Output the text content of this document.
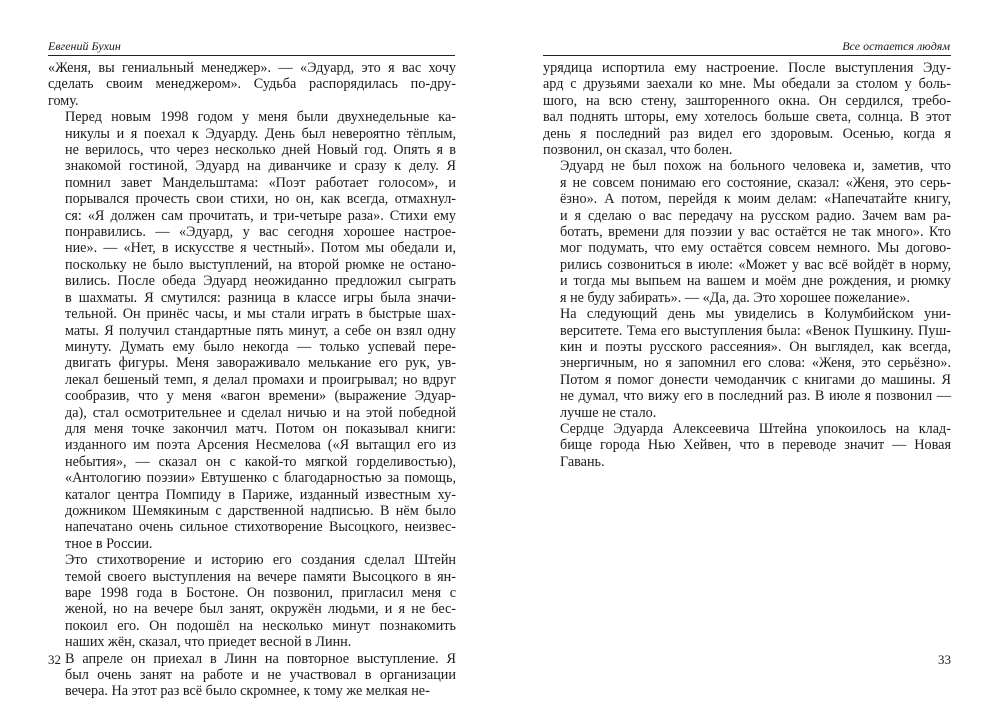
Евгений Бухин

«Женя, вы гениальный менеджер». — «Эдуард, это я вас хочу
сделать своим менеджером». Судьба распорядилась по-дру-
гому.

Перед новым 1998 годом у меня были двухнедельные ка-
никулы и я поехал к Эдуарду. День был невероятно тёплым,
не верилось, что через несколько дней Новый год. Опять я в
знакомой гостиной, Эдуард на диванчике и сразу к делу. Я
помнил завет Мандельштама: «Поэт работает голосом», и
порывался прочесть свои стихи, но он, как всегда, отмахнул-
ся: «Я должен сам прочитать, и три-четыре раза». Стихи ему
понравились. — «Эдуард, у вас сегодня хорошее настрое-
ние». — «Нет, в искусстве я честный». Потом мы обедали и,
поскольку не было выступлений, на второй рюмке не остано-
вились. После обеда Эдуард неожиданно предложил сыграть
в шахматы. Я смутился: разница в классе игры была значи-
тельной. Он принёс часы, и мы стали играть в быстрые шах-
маты. Я получил стандартные пять минут, а себе он взял одну
минуту. Думать ему было некогда — только успевай пере-
двигать фигуры. Меня завораживало мелькание его рук, ув-
лекал бешеный темп, я делал промахи и проигрывал; но вдруг
сообразив, что у меня «вагон времени» (выражение Эдуар-
да), стал осмотрительнее и сделал ничью и на этой победной
для меня точке закончил матч. Потом он показывал книги:
изданного им поэта Арсения Несмелова («Я вытащил его из
небытия», — сказал он с какой-то мягкой горделивостью),
«Антологию поэзии» Евтушенко с благодарностью за помощь,
каталог центра Помпиду в Париже, изданный известным ху-
дожником Шемякиным с дарственной надписью. В нём было
напечатано очень сильное стихотворение Высоцкого, неизвес-
тное в России.

Это стихотворение и историю его создания сделал Штейн
темой своего выступления на вечере памяти Высоцкого в ян-
варе 1998 года в Бостоне. Он позвонил, пригласил меня с
женой, но на вечере был занят, окружён людьми, и я не бес-
покоил его. Он подошёл на несколько минут познакомить
наших жён, сказал, что приедет весной в Линн.

В апреле он приехал в Линн на повторное выступление. Я
был очень занят на работе и не участвовал в организации
вечера. На этот раз всё было скромнее, к тому же мелкая не-

32
Все остается людям

урядица испортила ему настроение. После выступления Эду-
ард с друзьями заехали ко мне. Мы обедали за столом у боль-
шого, на всю стену, зашторенного окна. Он сердился, требо-
вал поднять шторы, ему хотелось больше света, солнца. В этот
день я последний раз видел его здоровым. Осенью, когда я
позвонил, он сказал, что болен.

Эдуард не был похож на больного человека и, заметив, что
я не совсем понимаю его состояние, сказал: «Женя, это серь-
ёзно». А потом, перейдя к моим делам: «Напечатайте книгу,
и я сделаю о вас передачу на русском радио. Зачем вам ра-
ботать, времени для поэзии у вас остаётся не так много». Кто
мог подумать, что ему остаётся совсем немного. Мы догово-
рились созвониться в июле: «Может у вас всё войдёт в норму,
и тогда мы выпьем на вашем и моём дне рождения, и рюмку
я не буду забирать». — «Да, да. Это хорошее пожелание».

На следующий день мы увиделись в Колумбийском уни-
верситете. Тема его выступления была: «Венок Пушкину. Пуш-
кин и поэты русского рассеяния». Он выглядел, как всегда,
энергичным, но я запомнил его слова: «Женя, это серьёзно».
Потом я помог донести чемоданчик с книгами до машины. Я
не думал, что вижу его в последний раз. В июле я позвонил —
лучше не стало.

Сердце Эдуарда Алексеевича Штейна упокоилось на клад-
бище города Нью Хейвен, что в переводе значит — Новая
Гавань.

33
